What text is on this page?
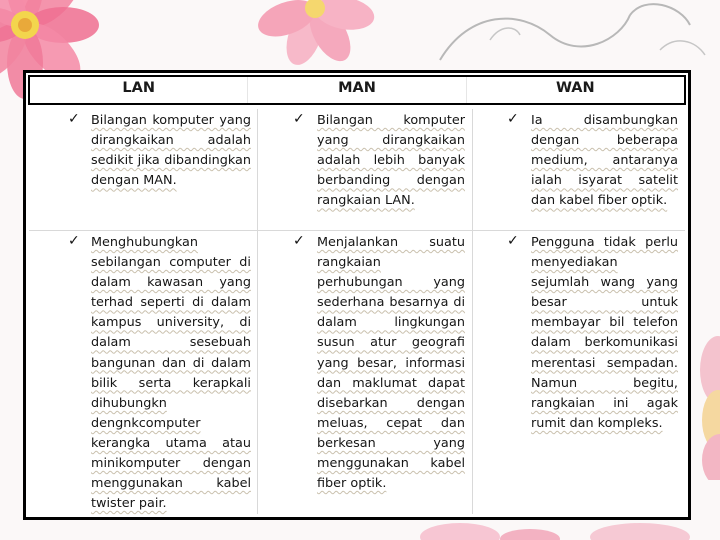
LAN	MAN	WAN
✓ Bilangan komputer yang dirangkaikan adalah sedikit jika dibandingkan dengan MAN.
✓ Bilangan komputer yang dirangkaikan adalah lebih banyak berbanding dengan rangkaian LAN.
✓ Ia disambungkan dengan beberapa medium, antaranya ialah isyarat satelit dan kabel fiber optik.
✓ Menghubungkan sebilangan computer di dalam kawasan yang terhad seperti di dalam kampus university, di dalam sesebuah bangunan dan di dalam bilik serta kerapkali dihubungkn dengnkcomputer kerangka utama atau minikomputer dengan menggunakan kabel twister pair.
✓ Menjalankan suatu rangkaian perhubungan yang sederhana besarnya di dalam lingkungan susun atur geografi yang besar, informasi dan maklumat dapat disebarkan dengan meluas, cepat dan berkesan yang menggunakan kabel fiber optik.
✓ Pengguna tidak perlu menyediakan sejumlah wang yang besar untuk membayar bil telefon dalam berkomunikasi merentasi sempadan. Namun begitu, rangkaian ini agak rumit dan kompleks.
